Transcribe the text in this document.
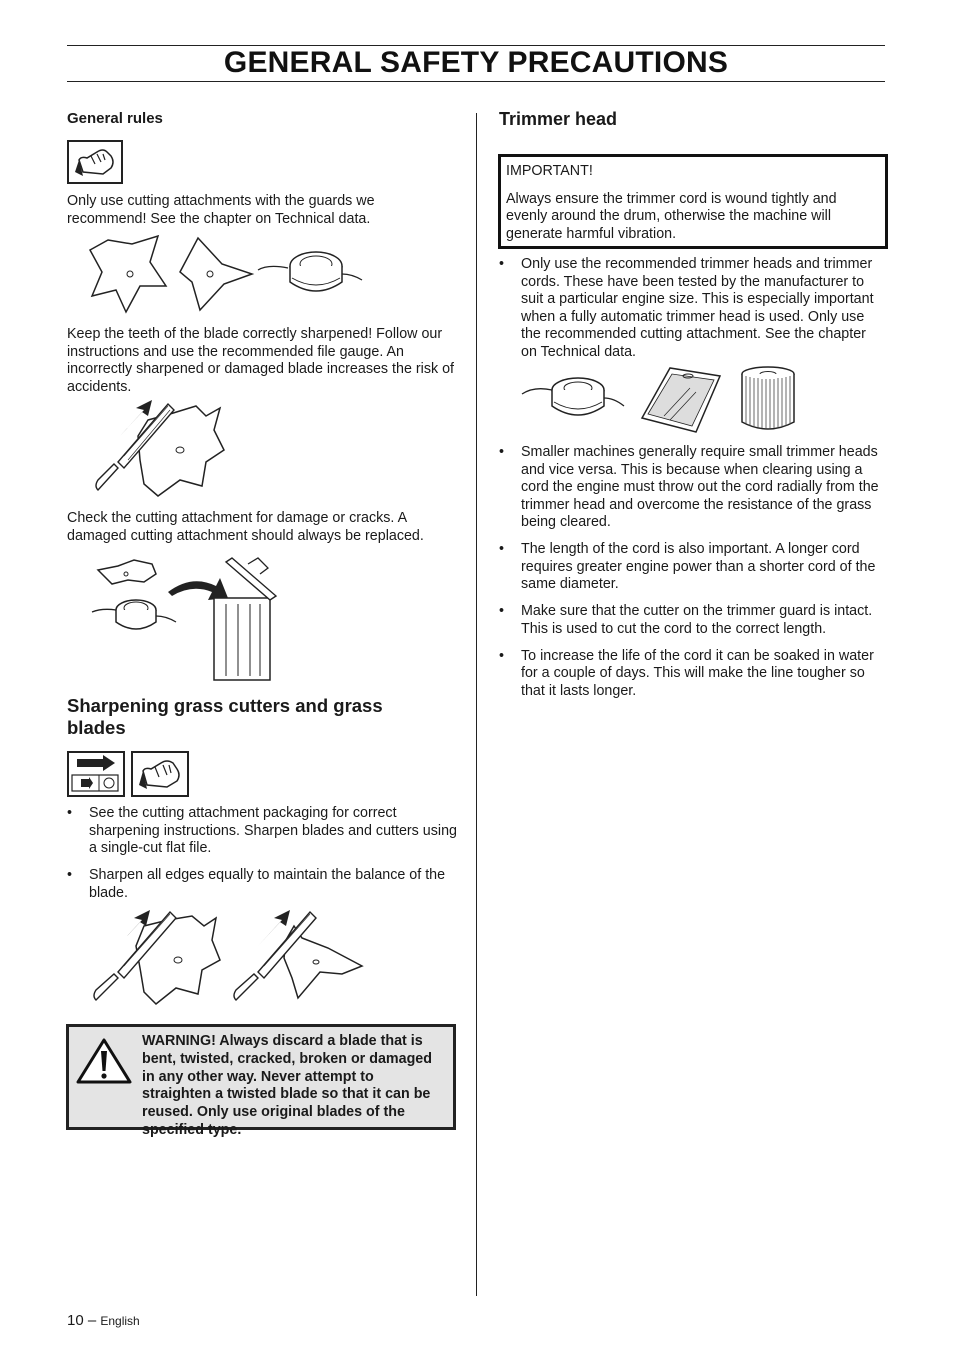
GENERAL SAFETY PRECAUTIONS
General rules

Only use cutting attachments with the guards we recommend! See the chapter on Technical data.

Keep the teeth of the blade correctly sharpened! Follow our instructions and use the recommended file gauge. An incorrectly sharpened or damaged blade increases the risk of accidents.

Check the cutting attachment for damage or cracks. A damaged cutting attachment should always be replaced.

Sharpening grass cutters and grass
blades

• See the cutting attachment packaging for correct sharpening instructions. Sharpen blades and cutters using a single-cut flat file.
• Sharpen all edges equally to maintain the balance of the blade.
WARNING! Always discard a blade that is bent, twisted, cracked, broken or damaged in any other way. Never attempt to straighten a twisted blade so that it can be reused. Only use original blades of the specified type.
Trimmer head

IMPORTANT!

Always ensure the trimmer cord is wound tightly and evenly around the drum, otherwise the machine will generate harmful vibration.

• Only use the recommended trimmer heads and trimmer cords. These have been tested by the manufacturer to suit a particular engine size. This is especially important when a fully automatic trimmer head is used. Only use the recommended cutting attachment. See the chapter on Technical data.
• Smaller machines generally require small trimmer heads and vice versa. This is because when clearing using a cord the engine must throw out the cord radially from the trimmer head and overcome the resistance of the grass being cleared.
• The length of the cord is also important. A longer cord requires greater engine power than a shorter cord of the same diameter.
• Make sure that the cutter on the trimmer guard is intact. This is used to cut the cord to the correct length.
• To increase the life of the cord it can be soaked in water for a couple of days. This will make the line tougher so that it lasts longer.
10 – English
